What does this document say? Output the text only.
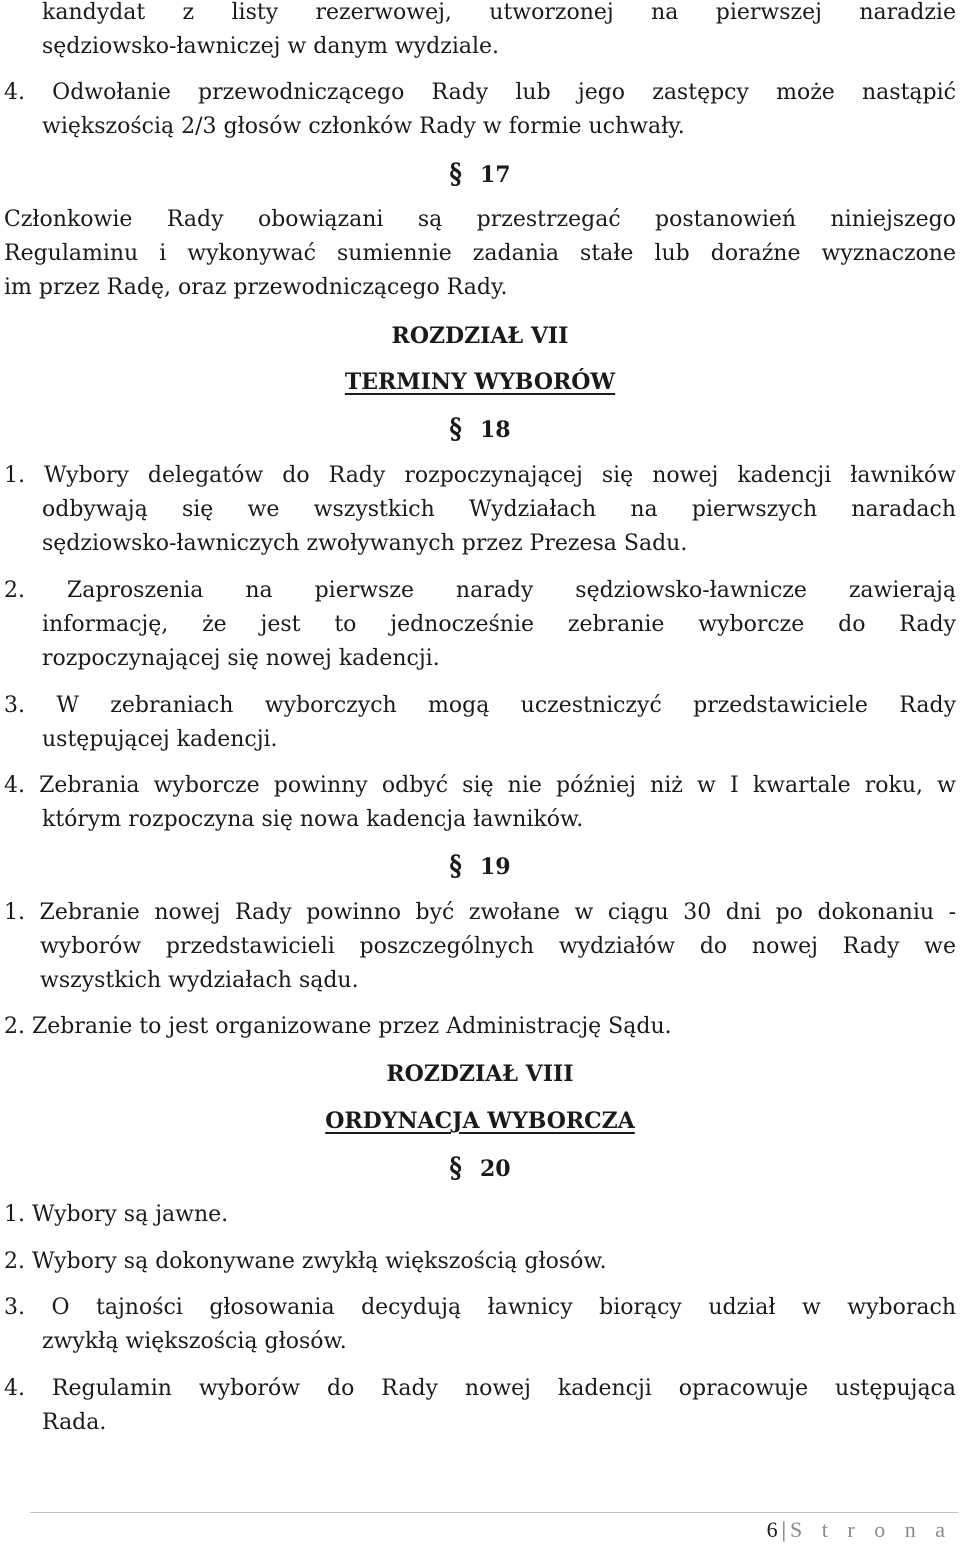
kandydat z listy rezerwowej, utworzonej na pierwszej naradzie
sędziowsko-ławniczej w danym wydziale.
4. Odwołanie przewodniczącego Rady lub jego zastępcy może nastąpić
większością 2/3 głosów członków Rady w formie uchwały.
§ 17
Członkowie Rady obowiązani są przestrzegać postanowień niniejszego
Regulaminu i wykonywać sumiennie zadania stałe lub doraźne wyznaczone
im przez Radę, oraz przewodniczącego Rady.
ROZDZIAŁ VII
TERMINY WYBORÓW
§ 18
1. Wybory delegatów do Rady rozpoczynającej się nowej kadencji ławników
odbywają się we wszystkich Wydziałach na pierwszych naradach
sędziowsko-ławniczych zwoływanych przez Prezesa Sadu.
2. Zaproszenia na pierwsze narady sędziowsko-ławnicze zawierają
informację, że jest to jednocześnie zebranie wyborcze do Rady
rozpoczynającej się nowej kadencji.
3. W zebraniach wyborczych mogą uczestniczyć przedstawiciele Rady
ustępującej kadencji.
4. Zebrania wyborcze powinny odbyć się nie później niż w I kwartale roku, w
którym rozpoczyna się nowa kadencja ławników.
§ 19
1. Zebranie nowej Rady powinno być zwołane w ciągu 30 dni po dokonaniu -
wyborów przedstawicieli poszczególnych wydziałów do nowej Rady we
wszystkich wydziałach sądu.
2. Zebranie to jest organizowane przez Administrację Sądu.
ROZDZIAŁ VIII
ORDYNACJA WYBORCZA
§ 20
1. Wybory są jawne.
2. Wybory są dokonywane zwykłą większością głosów.
3. O tajności głosowania decydują ławnicy biorący udział w wyborach
zwykłą większością głosów.
4. Regulamin wyborów do Rady nowej kadencji opracowuje ustępująca
Rada.
6 | S t r o n a
